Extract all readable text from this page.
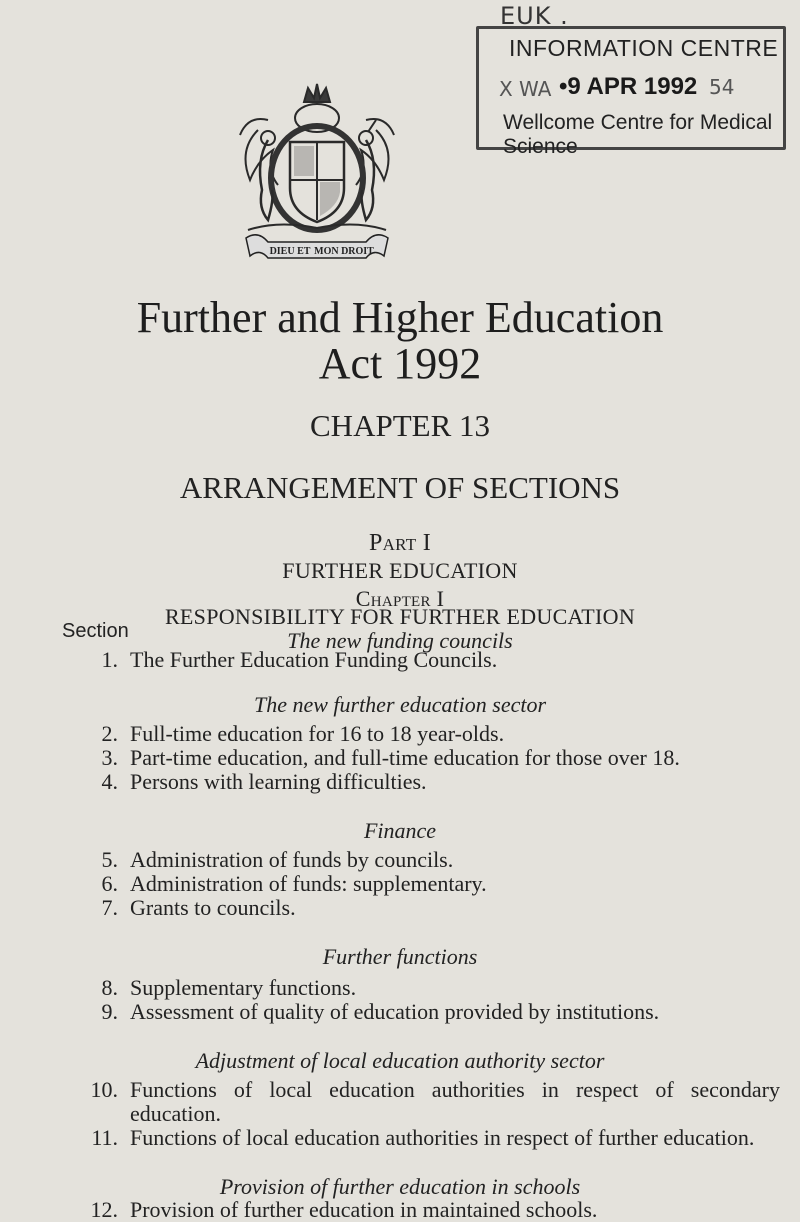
EUK .
INFORMATION CENTRE
X WA •9 APR 1992 54
Wellcome Centre for Medical Science
DIEU ET MON DROIT
Further and Higher Education
Act 1992
CHAPTER 13
ARRANGEMENT OF SECTIONS
Part I
FURTHER EDUCATION
Chapter I
RESPONSIBILITY FOR FURTHER EDUCATION
The new funding councils
Section
1. The Further Education Funding Councils.
The new further education sector
2. Full-time education for 16 to 18 year-olds.
3. Part-time education, and full-time education for those over 18.
4. Persons with learning difficulties.
Finance
5. Administration of funds by councils.
6. Administration of funds: supplementary.
7. Grants to councils.
Further functions
8. Supplementary functions.
9. Assessment of quality of education provided by institutions.
Adjustment of local education authority sector
10. Functions of local education authorities in respect of secondary education.
11. Functions of local education authorities in respect of further education.
Provision of further education in schools
12. Provision of further education in maintained schools.
